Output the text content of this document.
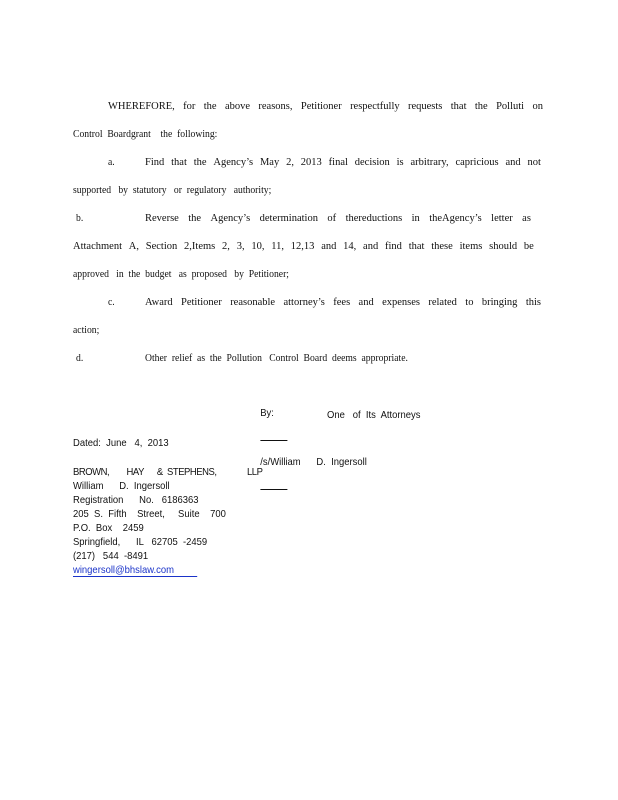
WHEREFORE, for the above reasons, Petitioner respectfully requests that the Polluti on
Control  Boardgrant    the  following:
a.	Find that the Agency’s May 2, 2013 final decision is arbitrary, capricious and not
supported   by  statutory   or  regulatory   authority;
b.	Reverse the Agency’s determination of thereductions in theAgency’s letter as
Attachment A, Section 2,Items 2, 3, 10, 11, 12,13 and 14, and find that these items should be
approved   in  the  budget   as  proposed   by  Petitioner;
c.	Award Petitioner reasonable attorney’s fees and expenses related to bringing this
action;
d.	Other  relief  as  the  Pollution   Control  Board  deems  appropriate.

By:

/s/William      D.  Ingersoll

One   of  Its  Attorneys
Dated:  June   4,  2013
BROWN,        HAY      &  STEPHENS,              LLP
William      D.  Ingersoll
Registration      No.   6186363
205  S.  Fifth    Street,     Suite    700
P.O.  Box    2459
Springfield,      IL   62705  -2459
(217)   544  -8491
wingersoll@bhslaw.com
